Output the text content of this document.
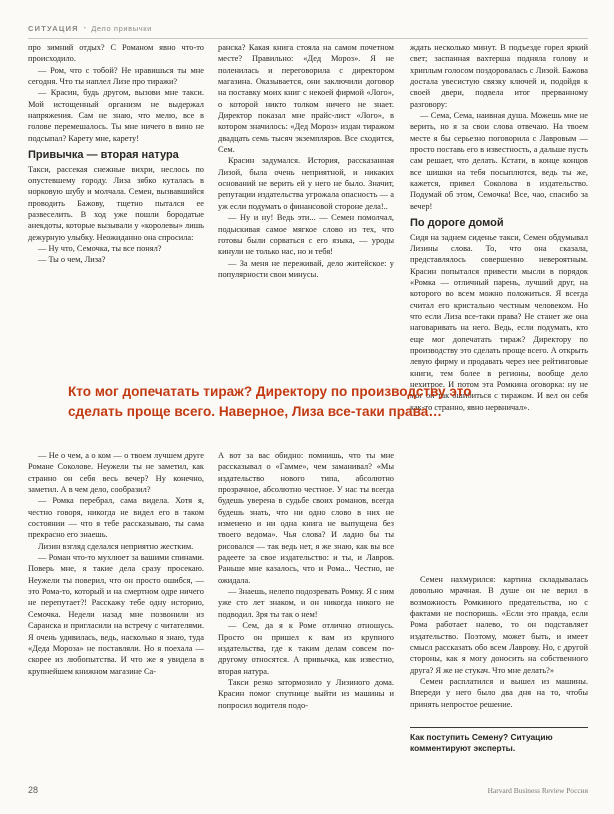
СИТУАЦИЯ • Дело привычки

про зимний отдых? С Романом явно что-то происходило.

— Ром, что с тобой? Не нравишься ты мне сегодня. Что ты наплел Лизе про тиражи?

— Красин, будь другом, вызови мне такси. Мой истощенный организм не выдержал напряжения. Сам не знаю, что мелю, все в голове перемешалось. Ты мне ничего в вино не подсыпал? Карету мне, карету!

Привычка — вторая натура

Такси, рассекая снежные вихри, неслось по опустевшему городу. Лиза зябко куталась в норковую шубу и молчала. Семен, вызвавшийся проводить Бажову, тщетно пытался ее развеселить. В ход уже пошли бородатые анекдоты, которые вызывали у «королевы» лишь дежурную улыбку. Неожиданно она спросила:

— Ну что, Семочка, ты все понял?

— Ты о чем, Лиза?

ранска? Какая книга стояла на самом почетном месте? Правильно: «Дед Мороз». Я не поленилась и переговорила с директором магазина. Оказывается, они заключили договор на поставку моих книг с некоей фирмой «Лого», о которой никто толком ничего не знает. Директор показал мне прайс-лист «Лого», в котором значилось: «Дед Мороз» издан тиражом двадцать семь тысяч экземпляров. Все сходится, Сем.

Красин задумался. История, рассказанная Лизой, была очень неприятной, и никаких оснований не верить ей у него не было. Значит, репутации издательства угрожала опасность — а уж если подумать о финансовой стороне дела!..

— Ну и ну! Ведь эти... — Семен помолчал, подыскивая самое мягкое слово из тех, что готовы были сорваться с его языка, — уроды кинули не только нас, но и тебя!

— За меня не переживай, дело житейское: у популярности свои минусы.

ждать несколько минут. В подъезде горел яркий свет; заспанная вахтерша подняла голову и хриплым голосом поздоровалась с Лизой. Бажова достала увесистую связку ключей и, подойдя к своей двери, подвела итог прерванному разговору:

— Сема, Сема, наивная душа. Можешь мне не верить, но я за свои слова отвечаю. На твоем месте я бы серьезно поговорила с Лавровым — просто поставь его в известность, а дальше пусть сам решает, что делать. Кстати, в конце концов все шишки на тебя посыплются, ведь ты же, кажется, привел Соколова в издательство. Подумай об этом, Семочка! Все, чао, спасибо за вечер!

По дороге домой

Сидя на заднем сиденье такси, Семен обдумывал Лизины слова. То, что она сказала, представлялось совершенно невероятным. Красин попытался привести мысли в порядок «Ромка — отличный парень, лучший друг, на которого во всем можно положиться. Я всегда считал его кристально честным человеком. Но что если Лиза все-таки права? Не станет же она наговаривать на него. Ведь, если подумать, кто еще мог допечатать тираж? Директору по производству это сделать проще всего. А открыть левую фирму и продавать через нее рейтинговые книги, тем более в регионы, вообще дело нехитрое. И потом эта Ромкина оговорка: ну не мог он так ошибиться с тиражом. И вел он себя как-то странно, явно нервничал».

Кто мог допечатать тираж? Директору по производству это сделать проще всего. Наверное, Лиза все-таки права…

— Не о чем, а о ком — о твоем лучшем друге Романе Соколове. Неужели ты не заметил, как странно он себя весь вечер? Ну конечно, заметил. А в чем дело, сообразил?

— Ромка перебрал, сама видела. Хотя я, честно говоря, никогда не видел его в таком состоянии — что я тебе рассказываю, ты сама прекрасно его знаешь.

Лизин взгляд сделался неприятно жестким.

— Роман что-то мухлюет за вашими спинами. Поверь мне, я такие дела сразу просекаю. Неужели ты поверил, что он просто ошибся, — это Рома-то, который и на смертном одре ничего не перепутает?! Расскажу тебе одну историю, Семочка. Недели назад мне позвонили из Саранска и пригласили на встречу с читателями. Я очень удивилась, ведь, насколько я знаю, туда «Деда Мороза» не поставляли. Но я поехала — скорее из любопытства. И что же я увидела в крупнейшем книжном магазине Са-

А вот за вас обидно: помнишь, что ты мне рассказывал о «Гамме», чем заманивал? «Мы издательство нового типа, абсолютно прозрачное, абсолютно честное. У нас ты всегда будешь уверена в судьбе своих романов, всегда будешь знать, что ни одно слово в них не изменено и ни одна книга не выпущена без твоего ведома». Чья слова? И ладно бы ты рисовался — так ведь нет, я же знаю, как вы все радеете за свое издательство: и ты, и Лавров. Раньше мне казалось, что и Рома... Честно, не ожидала.

— Знаешь, нелепо подозревать Ромку. Я с ним уже сто лет знаком, и он никогда никого не подводил. Зря ты так о нем!

— Сем, да я к Роме отлично отношусь. Просто он пришел к вам из крупного издательства, где к таким делам совсем по-другому относятся. А привычка, как известно, вторая натура.

Такси резко затормозило у Лизиного дома. Красин помог спутнице выйти из машины и попросил водителя подо-

Семен нахмурился: картина складывалась довольно мрачная. В душе он не верил в возможность Ромкиного предательства, но с фактами не поспоришь. «Если это правда, если Рома работает налево, то он подставляет издательство. Поэтому, может быть, и имеет смысл рассказать обо всем Лаврову. Но, с другой стороны, как я могу доносить на собственного друга? Я же не стукач. Что мне делать?»

Семен расплатился и вышел из машины. Впереди у него было два дня на то, чтобы принять непростое решение.

Как поступить Семену? Ситуацию комментируют эксперты.
28	Harvard Business Review Россия
